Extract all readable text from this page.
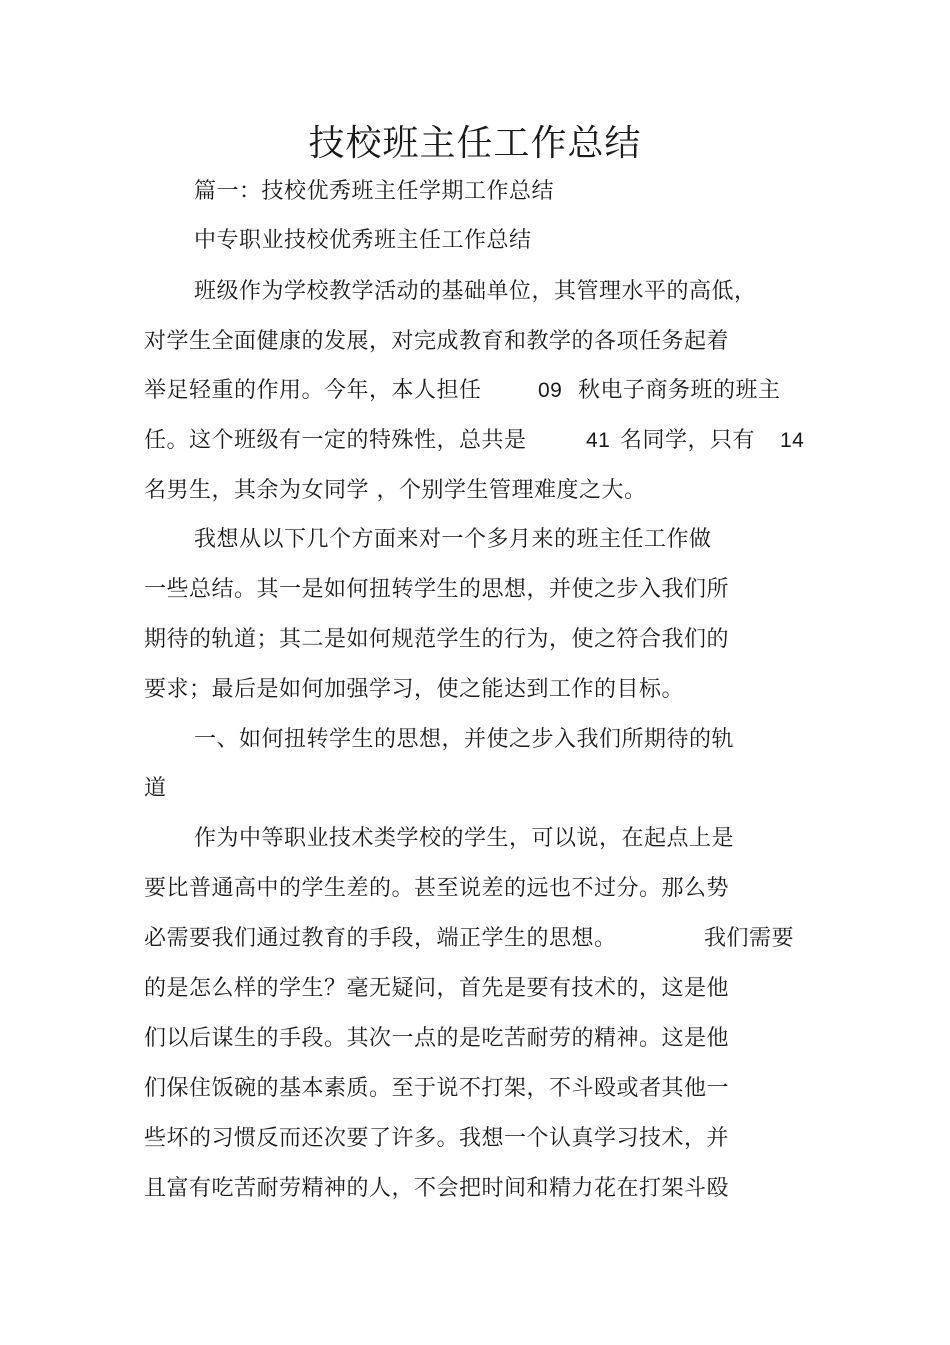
技校班主任工作总结
篇一：技校优秀班主任学期工作总结
中专职业技校优秀班主任工作总结
班级作为学校教学活动的基础单位，其管理水平的高低，
对学生全面健康的发展，对完成教育和教学的各项任务起着
举足轻重的作用。今年，本人担任	09 秋电子商务班的班主
任。这个班级有一定的特殊性，总共是	41 名同学，只有 14
名男生，其余为女同学 ，个别学生管理难度之大。
我想从以下几个方面来对一个多月来的班主任工作做
一些总结。其一是如何扭转学生的思想，并使之步入我们所
期待的轨道；其二是如何规范学生的行为，使之符合我们的
要求；最后是如何加强学习，使之能达到工作的目标。
一、如何扭转学生的思想，并使之步入我们所期待的轨
道
作为中等职业技术类学校的学生，可以说，在起点上是
要比普通高中的学生差的。甚至说差的远也不过分。那么势
必需要我们通过教育的手段，端正学生的思想。	我们需要
的是怎么样的学生？毫无疑问，首先是要有技术的，这是他
们以后谋生的手段。其次一点的是吃苦耐劳的精神。这是他
们保住饭碗的基本素质。至于说不打架，不斗殴或者其他一
些坏的习惯反而还次要了许多。我想一个认真学习技术，并
且富有吃苦耐劳精神的人，不会把时间和精力花在打架斗殴
